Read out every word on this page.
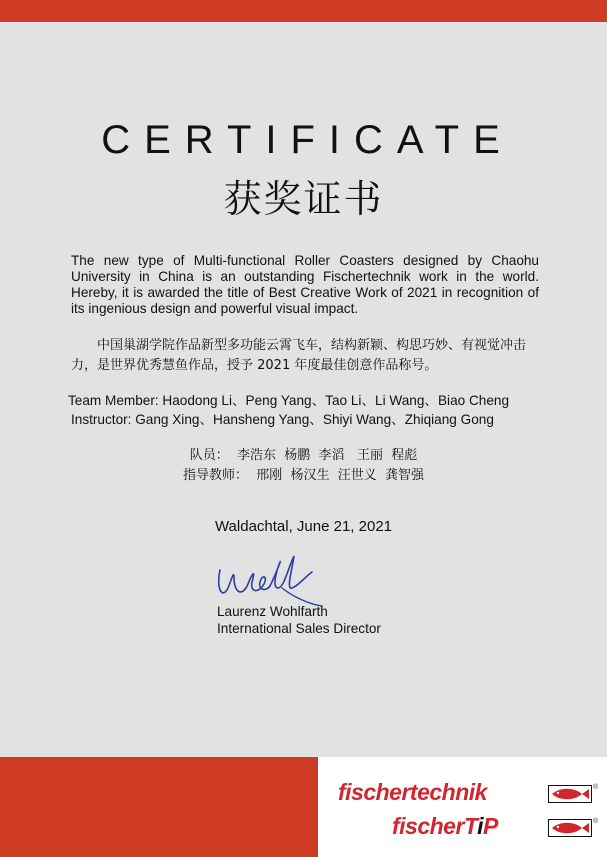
CERTIFICATE
获奖证书
The new type of Multi-functional Roller Coasters designed by Chaohu University in China is an outstanding Fischertechnik work in the world. Hereby, it is awarded the title of Best Creative Work of 2021 in recognition of its ingenious design and powerful visual impact.
中国巢湖学院作品新型多功能云霄飞车，结构新颖、构思巧妙、有视觉冲击力，是世界优秀慧鱼作品，授予 2021 年度最佳创意作品称号。
Team Member: Haodong Li、Peng Yang、Tao Li、Li Wang、Biao Cheng
Instructor: Gang Xing、Hansheng Yang、Shiyi Wang、Zhiqiang Gong
队员：  李浩东  杨鹏  李滔   王丽  程彪
指导教师：  邢刚  杨汉生  汪世义  龚智强
Waldachtal, June 21, 2021
Laurenz Wohlfarth
International Sales Director
fischertechnik	®
fischerTiP	®
